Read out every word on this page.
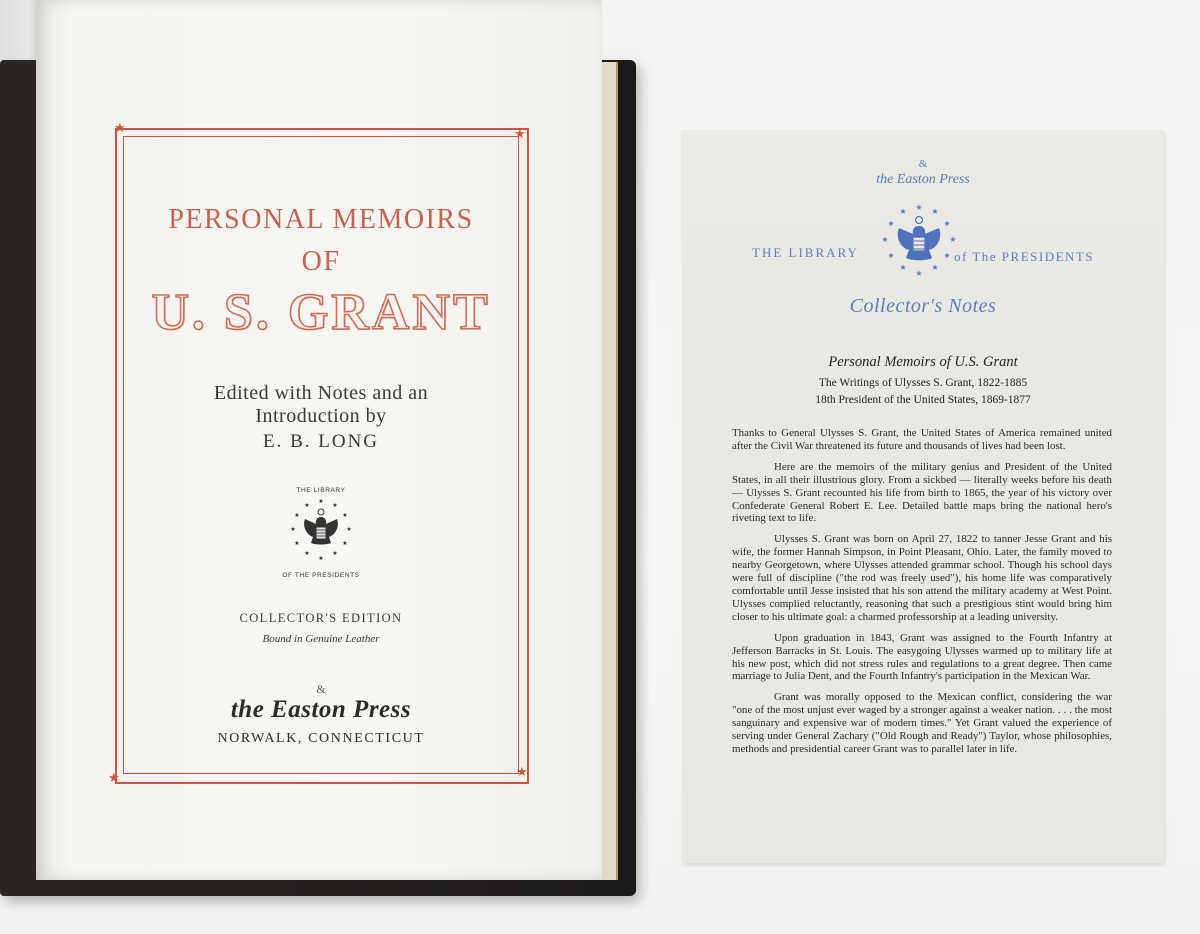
★	★
★	★
PERSONAL MEMOIRS
OF
U. S. GRANT
Edited with Notes and an
Introduction by
E. B. LONG
THE LIBRARY
★
★
★
★
★
★
★
★
★
★
★
★
OF THE PRESIDENTS
COLLECTOR'S EDITION
Bound in Genuine Leather
&
the Easton Press
NORWALK, CONNECTICUT
&
the Easton Press
★ ★
★
★
★
★
★
★
★
★
★
★
THE LIBRARY	of The PRESIDENTS
Collector's Notes
Personal Memoirs of U.S. Grant
The Writings of Ulysses S. Grant, 1822-1885
18th President of the United States, 1869-1877

Thanks to General Ulysses S. Grant, the United States of America remained united after the Civil War threatened its future and thousands of lives had been lost.

Here are the memoirs of the military genius and President of the United States, in all their illustrious glory. From a sickbed — literally weeks before his death — Ulysses S. Grant recounted his life from birth to 1865, the year of his victory over Confederate General Robert E. Lee. Detailed battle maps bring the national hero's riveting text to life.

Ulysses S. Grant was born on April 27, 1822 to tanner Jesse Grant and his wife, the former Hannah Simpson, in Point Pleasant, Ohio. Later, the family moved to nearby Georgetown, where Ulysses attended grammar school. Though his school days were full of discipline ("the rod was freely used"), his home life was comparatively comfortable until Jesse insisted that his son attend the military academy at West Point. Ulysses complied reluctantly, reasoning that such a prestigious stint would bring him closer to his ultimate goal: a charmed professorship at a leading university.

Upon graduation in 1843, Grant was assigned to the Fourth Infantry at Jefferson Barracks in St. Louis. The easygoing Ulysses warmed up to military life at his new post, which did not stress rules and regulations to a great degree. Then came marriage to Julia Dent, and the Fourth Infantry's participation in the Mexican War.

Grant was morally opposed to the Mexican conflict, considering the war "one of the most unjust ever waged by a stronger against a weaker nation. . . . the most sanguinary and expensive war of modern times." Yet Grant valued the experience of serving under General Zachary ("Old Rough and Ready") Taylor, whose philosophies, methods and presidential career Grant was to parallel later in life.
